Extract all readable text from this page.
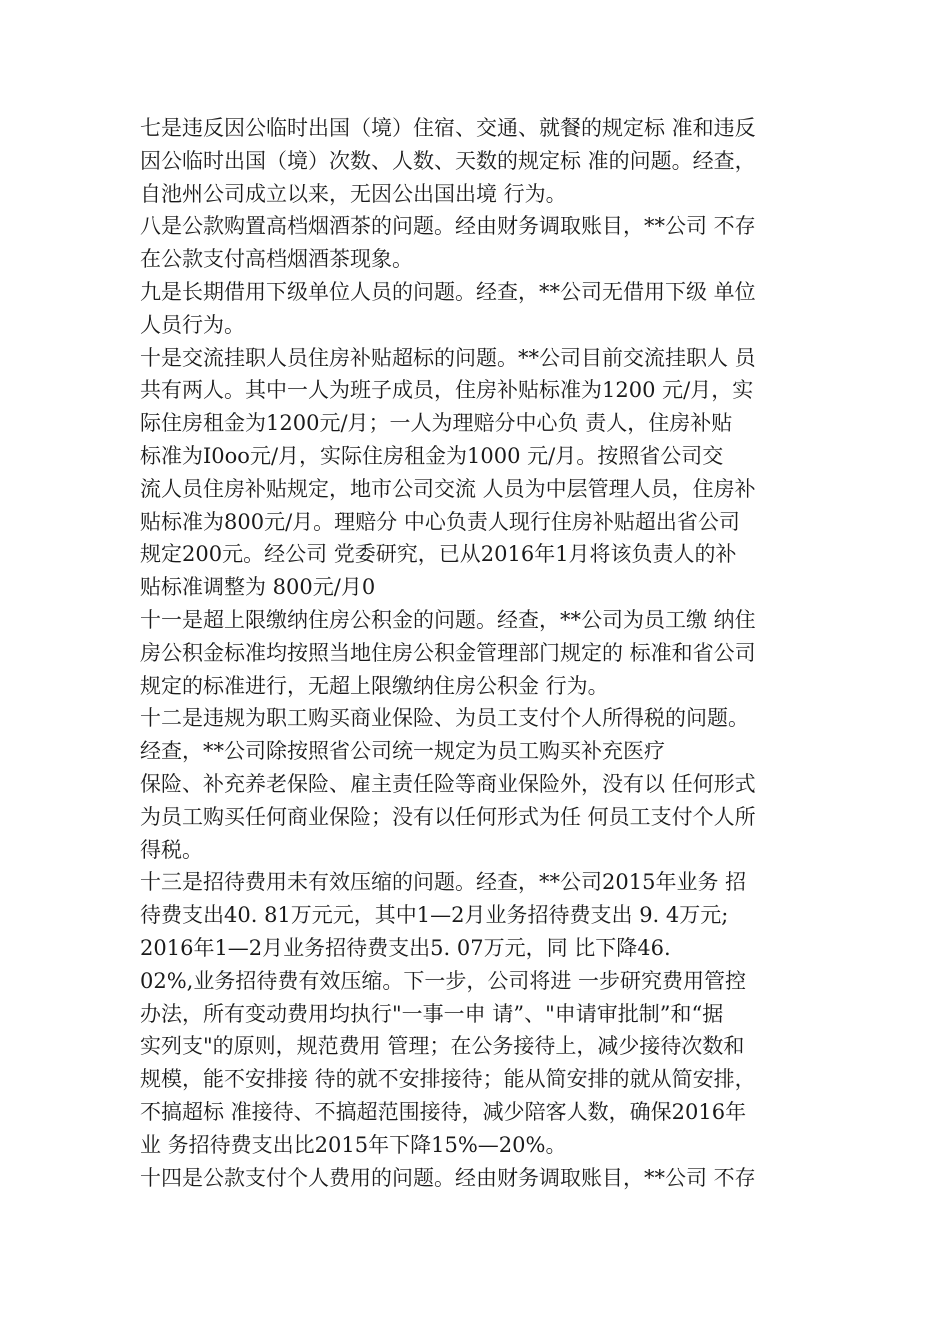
七是违反因公临时出国（境）住宿、交通、就餐的规定标 准和违反
因公临时出国（境）次数、人数、天数的规定标 准的问题。经查，
自池州公司成立以来，无因公出国出境 行为。
八是公款购置高档烟酒茶的问题。经由财务调取账目，**公司 不存
在公款支付高档烟酒茶现象。
九是长期借用下级单位人员的问题。经查，**公司无借用下级 单位
人员行为。
十是交流挂职人员住房补贴超标的问题。**公司目前交流挂职人 员
共有两人。其中一人为班子成员，住房补贴标准为1200 元/月，实
际住房租金为1200元/月；一人为理赔分中心负 责人，住房补贴
标准为I0oo元/月，实际住房租金为1000 元/月。按照省公司交
流人员住房补贴规定，地市公司交流 人员为中层管理人员，住房补
贴标准为800元/月。理赔分 中心负责人现行住房补贴超出省公司
规定200元。经公司 党委研究，已从2016年1月将该负责人的补
贴标准调整为 800元/月0
十一是超上限缴纳住房公积金的问题。经查，**公司为员工缴 纳住
房公积金标准均按照当地住房公积金管理部门规定的 标准和省公司
规定的标准进行，无超上限缴纳住房公积金 行为。
十二是违规为职工购买商业保险、为员工支付个人所得税的问题。
经查，**公司除按照省公司统一规定为员工购买补充医疗
保险、补充养老保险、雇主责任险等商业保险外，没有以 任何形式
为员工购买任何商业保险；没有以任何形式为任 何员工支付个人所
得税。
十三是招待费用未有效压缩的问题。经查，**公司2015年业务 招
待费支出40. 81万元元，其中1—2月业务招待费支出 9. 4万元;
2016年1—2月业务招待费支出5. 07万元，同 比下降46.
02%,业务招待费有效压缩。下一步，公司将进 一步研究费用管控
办法，所有变动费用均执行"一事一申 请”、"申请审批制”和“据
实列支"的原则，规范费用 管理；在公务接待上，减少接待次数和
规模，能不安排接 待的就不安排接待；能从简安排的就从简安排，
不搞超标 准接待、不搞超范围接待，减少陪客人数，确保2016年
业 务招待费支出比2015年下降15%—20%。
十四是公款支付个人费用的问题。经由财务调取账目，**公司 不存
